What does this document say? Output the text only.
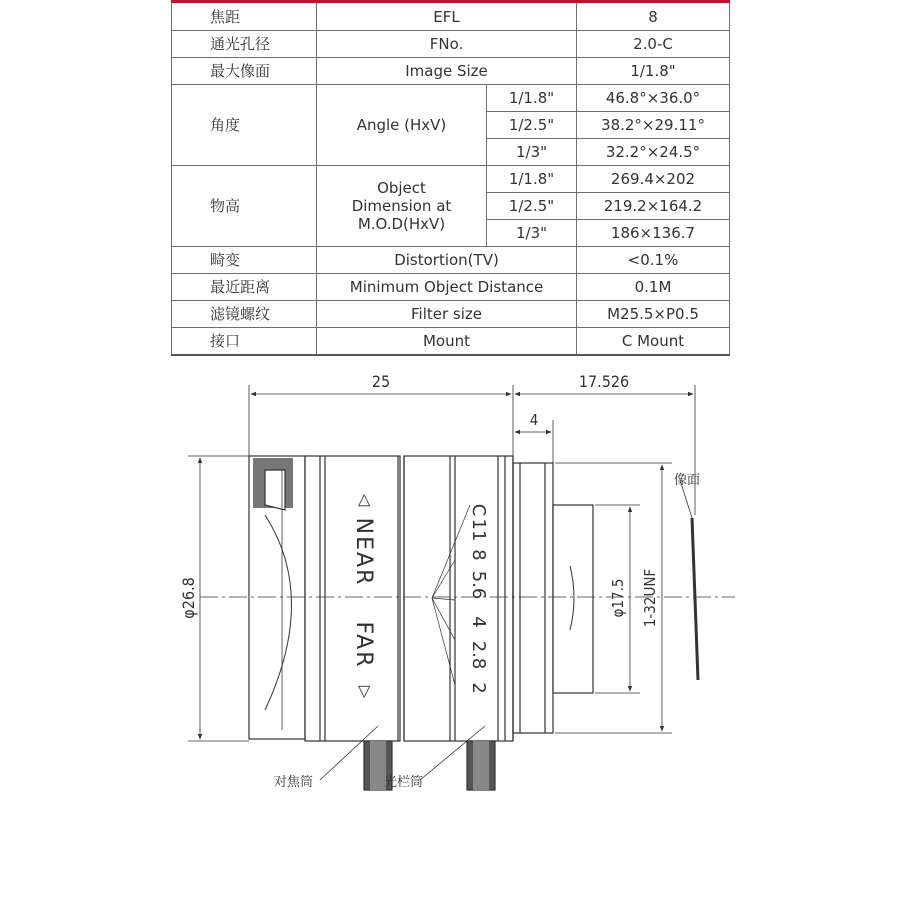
焦距	EFL		8
通光孔径	FNo.		2.0-C
最大像面	Image Size		1/1.8"
角度	Angle (HxV)	1/1.8"	46.8°×36.0°
		1/2.5"	38.2°×29.11°
		1/3"	32.2°×24.5°
物高	Object
Dimension at
M.O.D(HxV)	1/1.8"	269.4×202
		1/2.5"	219.2×164.2
		1/3"	186×136.7
畸变	Distortion(TV)		<0.1%
最近距离	Minimum Object Distance		0.1M
滤镜螺纹	Filter size		M25.5×P0.5
接口	Mount		C Mount
25	17.526
4
φ26.8	φ17.5 1-32UNF
像面
对焦筒	光栏筒
◁
NEAR
FAR
▷
C
11
8
5.6
4
2.8
2
